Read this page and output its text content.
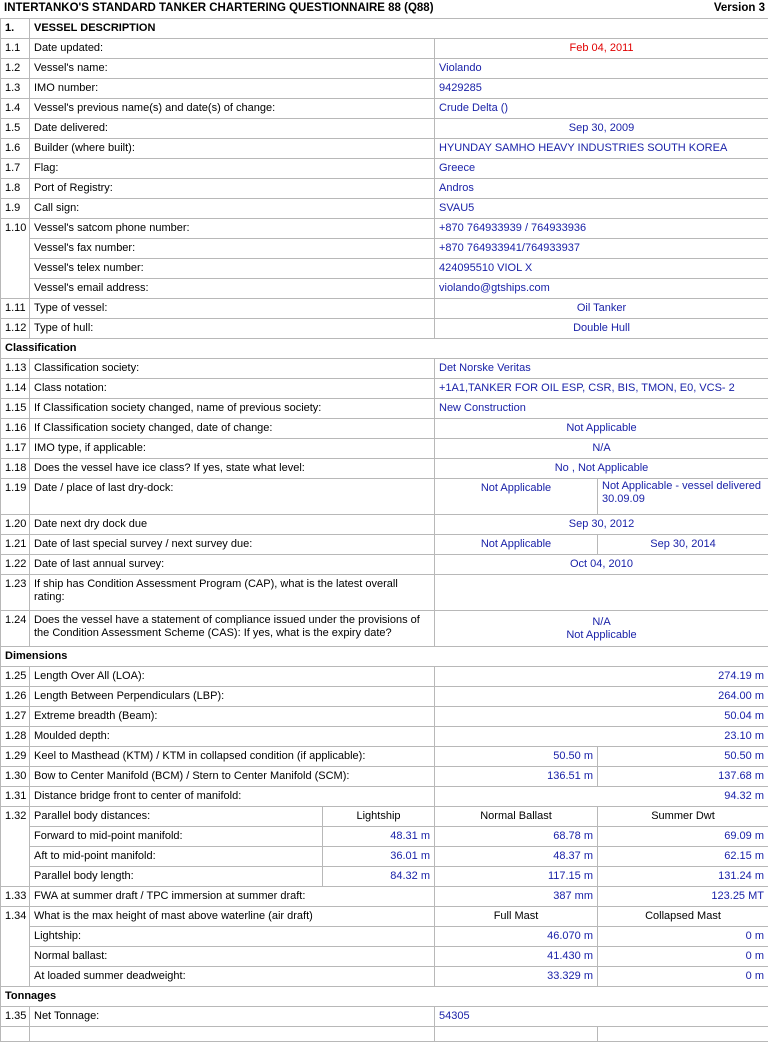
INTERTANKO'S STANDARD TANKER CHARTERING QUESTIONNAIRE 88 (Q88)	Version 3
1.	VESSEL DESCRIPTION			
1.1	Date updated:		Feb 04, 2011	
1.2	Vessel's name:		Violando	
1.3	IMO number:		9429285	
1.4	Vessel's previous name(s) and date(s) of change:		Crude Delta ()	
1.5	Date delivered:		Sep 30, 2009	
1.6	Builder (where built):		HYUNDAY SAMHO HEAVY INDUSTRIES SOUTH KOREA	
1.7	Flag:		Greece	
1.8	Port of Registry:		Andros	
1.9	Call sign:		SVAU5	
1.10	Vessel's satcom phone number:		+870 764933939 / 764933936	
	Vessel's fax number:		+870 764933941/764933937	
	Vessel's telex number:		424095510 VIOL X	
	Vessel's email address:		violando@gtships.com	
1.11	Type of vessel:		Oil Tanker	
1.12	Type of hull:		Double Hull	
Classification				
1.13	Classification society:		Det Norske Veritas	
1.14	Class notation:		+1A1,TANKER FOR OIL ESP, CSR, BIS, TMON, E0, VCS- 2	
1.15	If Classification society changed, name of previous society:		New Construction	
1.16	If Classification society changed, date of change:		Not Applicable	
1.17	IMO type, if applicable:		N/A	
1.18	Does the vessel have ice class? If yes, state what level:		No , Not Applicable	
1.19	Date / place of last dry-dock:		Not Applicable	Not Applicable - vessel delivered 30.09.09
1.20	Date next dry dock due		Sep 30, 2012	
1.21	Date of last special survey / next survey due:		Not Applicable	Sep 30, 2014
1.22	Date of last annual survey:		Oct 04, 2010	
1.23	If ship has Condition Assessment Program (CAP), what is the latest overall rating:			
1.24	Does the vessel have a statement of compliance issued under the provisions of the Condition Assessment Scheme (CAS): If yes, what is the expiry date?		N/A
Not Applicable	

Dimensions				
1.25	Length Over All (LOA):		274.19 m	
1.26	Length Between Perpendiculars (LBP):		264.00 m	
1.27	Extreme breadth (Beam):		50.04 m	
1.28	Moulded depth:		23.10 m	
1.29	Keel to Masthead (KTM) / KTM in collapsed condition (if applicable):		50.50 m	50.50 m
1.30	Bow to Center Manifold (BCM) / Stern to Center Manifold (SCM):		136.51 m	137.68 m
1.31	Distance bridge front to center of manifold:		94.32 m	
1.32	Parallel body distances:	Lightship	Normal Ballast	Summer Dwt
	Forward to mid-point manifold:	48.31 m	68.78 m	69.09 m
	Aft to mid-point manifold:	36.01 m	48.37 m	62.15 m
	Parallel body length:	84.32 m	117.15 m	131.24 m
1.33	FWA at summer draft / TPC immersion at summer draft:		387 mm	123.25 MT
1.34	What is the max height of mast above waterline (air draft)		Full Mast	Collapsed Mast
	Lightship:		46.070 m	0 m
	Normal ballast:		41.430 m	0 m
	At loaded summer deadweight:		33.329 m	0 m
Tonnages				
1.35	Net Tonnage:		54305	
